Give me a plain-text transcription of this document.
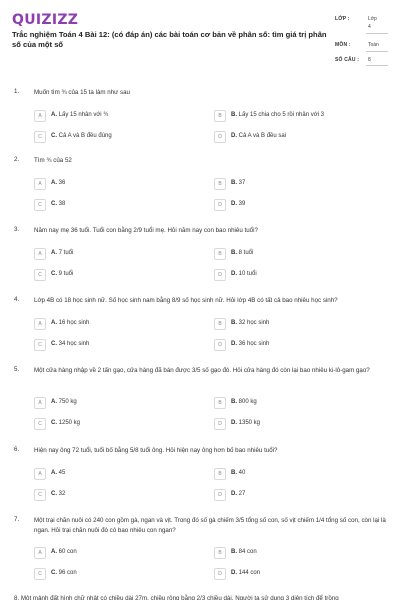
QUIZIZZ
Trắc nghiệm Toán 4 Bài 12: (có đáp án) các bài toán cơ bản về phân số: tìm giá trị phân số của một số
LỚP :	Lớp
4
MÔN :	Toán
SỐ CÂU : 8
1. Muốn tìm ¾ của 15 ta làm như sau
A	A. Lấy 15 nhân với ¾	B	B. Lấy 15 chia cho 5 rồi nhân với 3
C	C. Cả A và B đều đúng	D	D. Cả A và B đều sai
2. Tìm ¾ của 52
A	A. 36	B	B. 37
C	C. 38	D	D. 39
3. Năm nay mẹ 36 tuổi. Tuổi con bằng 2/9 tuổi mẹ. Hỏi năm nay con bao nhiêu tuổi?
A	A. 7 tuổi	B	B. 8 tuổi
C	C. 9 tuổi	D	D. 10 tuổi
4. Lớp 4B có 18 học sinh nữ. Số học sinh nam bằng 8/9 số học sinh nữ. Hỏi lớp 4B có tất cả bao nhiêu học sinh?
A	A. 16 học sinh	B	B. 32 học sinh
C	C. 34 học sinh	D	D. 36 học sinh
5. Một cửa hàng nhập về 2 tấn gạo, cửa hàng đã bán được 3/5 số gạo đó. Hỏi cửa hàng đó còn lại bao nhiêu ki-lô-gam gạo?
A	A. 750 kg	B	B. 800 kg
C	C. 1250 kg	D	D. 1350 kg
6. Hiện nay ông 72 tuổi, tuổi bố bằng 5/8 tuổi ông. Hỏi hiện nay ông hơn bố bao nhiêu tuổi?
A	A. 45	B	B. 40
C	C. 32	D	D. 27
7. Một trại chăn nuôi có 240 con gồm gà, ngan và vịt. Trong đó số gà chiếm 3/5 tổng số con, số vịt chiếm 1/4 tổng số con, còn lại là ngan. Hỏi trại chăn nuôi đó có bao nhiêu con ngan?
A	A. 60 con	B	B. 84 con
C	C. 96 con	D	D. 144 con
8. Một mảnh đất hình chữ nhật có chiều dài 27m, chiều rộng bằng 2/3 chiều dài. Người ta sử dụng 3 diện tích để trồng
